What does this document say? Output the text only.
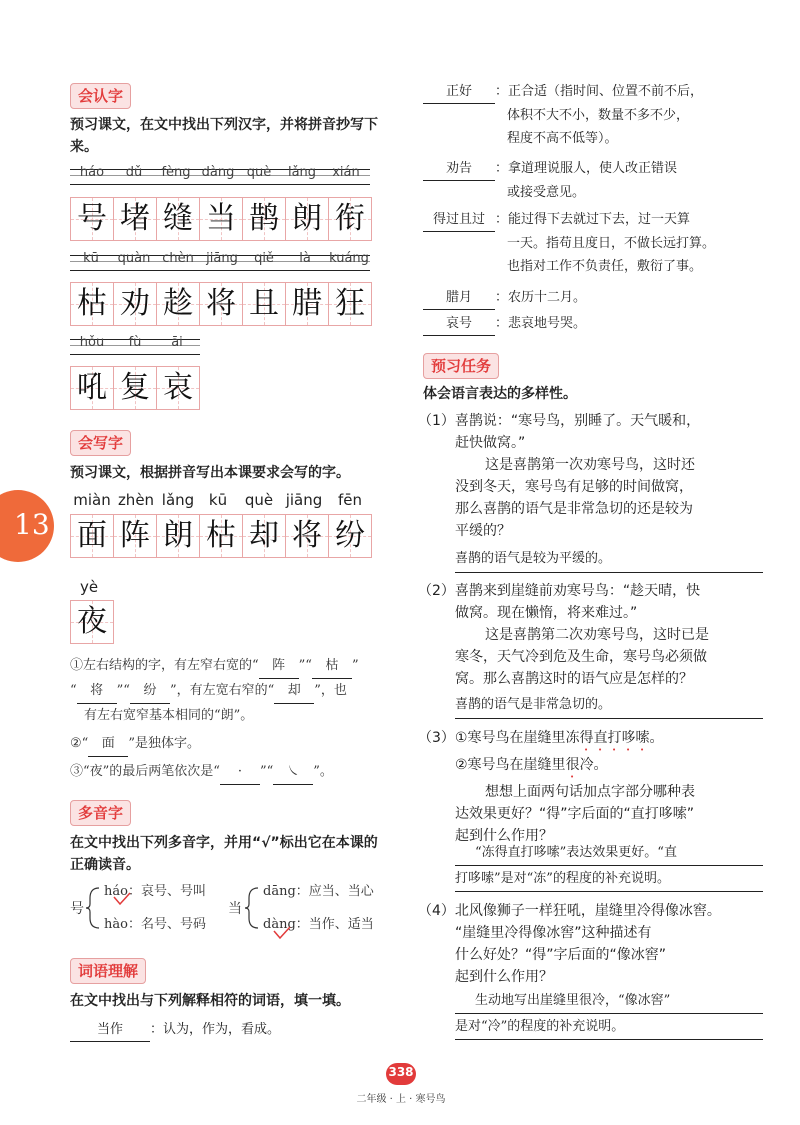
会认字
预习课文，在文中找出下列汉字，并将拼音抄写下来。
háo	dǔ	fèng dàng què	lǎng	xián
号 堵 缝 当 鹊 朗 衔
kū	quàn chèn jiāng	qiě	là	kuáng
枯 劝 趁 将 且 腊 狂
hǒu	fù	āi
吼 复 哀
会写字
预习课文，根据拼音写出本课要求会写的字。
13
miàn zhèn lǎng kū	què jiāng	fēn
面 阵 朗 枯 却 将 纷
yè
夜
①左右结构的字，有左窄右宽的“ 阵 ”“ 枯 ”
“ 将 ”“ 纷 ”，有左宽右窄的“ 却 ”，也
有左右宽窄基本相同的“朗”。
②“ 面 ”是独体字。
③“夜”的最后两笔依次是“ · ”“ ㇏ ”。
多音字
在文中找出下列多音字，并用“√”标出它在本课的正确读音。
号
háo：哀号、号叫
hào：名号、号码
当
dāng：应当、当心
dàng：当作、适当
词语理解
在文中找出与下列解释相符的词语，填一填。
当作 ：认为，作为，看成。
正好 ：正合适（指时间、位置不前不后，
体积不大不小，数量不多不少，
程度不高不低等）。
劝告 ：拿道理说服人，使人改正错误
或接受意见。
得过且过 ：能过得下去就过下去，过一天算
一天。指苟且度日，不做长远打算。
也指对工作不负责任，敷衍了事。
腊月 ：农历十二月。
哀号 ：悲哀地号哭。
预习任务
体会语言表达的多样性。
（1）喜鹊说：“寒号鸟，别睡了。天气暖和，
赶快做窝。”
这是喜鹊第一次劝寒号鸟，这时还
没到冬天，寒号鸟有足够的时间做窝，
那么喜鹊的语气是非常急切的还是较为
平缓的？
喜鹊的语气是较为平缓的。
（2）喜鹊来到崖缝前劝寒号鸟：“趁天晴，快
做窝。现在懒惰，将来难过。”
这是喜鹊第二次劝寒号鸟，这时已是
寒冬，天气冷到危及生命，寒号鸟必须做
窝。那么喜鹊这时的语气应是怎样的？
喜鹊的语气是非常急切的。
（3）①寒号鸟在崖缝里冻得直打哆嗦。
②寒号鸟在崖缝里很冷。
想想上面两句话加点字部分哪种表
达效果更好？“得”字后面的“直打哆嗦”
起到什么作用？
“冻得直打哆嗦”表达效果更好。“直
打哆嗦”是对“冻”的程度的补充说明。
（4）北风像狮子一样狂吼，崖缝里冷得像冰窖。
“崖缝里冷得像冰窖”这种描述有
什么好处？“得”字后面的“像冰窖”
起到什么作用？
生动地写出崖缝里很冷，“像冰窖”
是对“冷”的程度的补充说明。
338
二年级 · 上 · 寒号鸟
